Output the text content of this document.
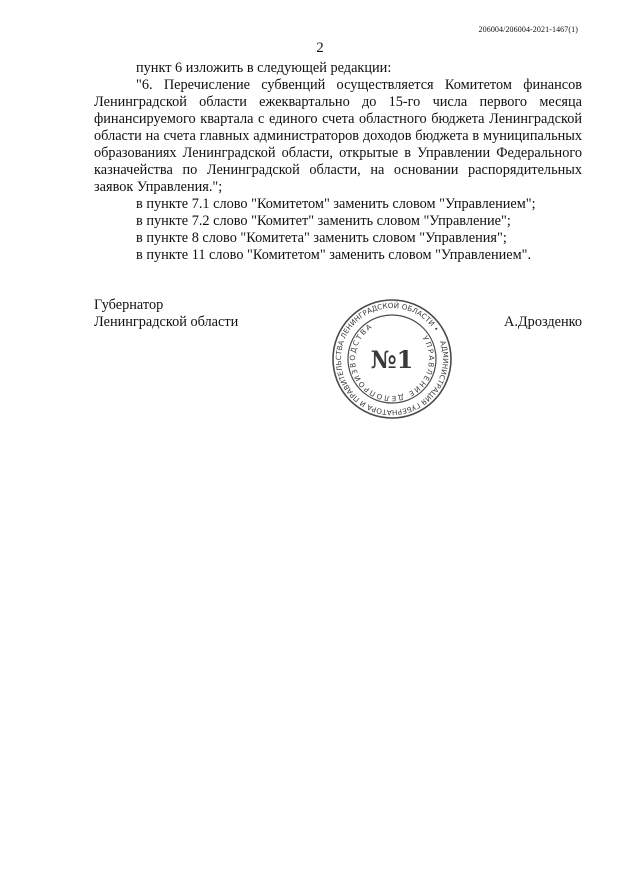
206004/206004-2021-1467(1)
2

пункт 6 изложить в следующей редакции:

"6. Перечисление субвенций осуществляется Комитетом финансов Ленинградской области ежеквартально до 15-го числа первого месяца финансируемого квартала с единого счета областного бюджета Ленинградской области на счета главных администраторов доходов бюджета в муниципальных образованиях Ленинградской области, открытые в Управлении Федерального казначейства по Ленинградской области, на основании распорядительных заявок Управления.";

в пункте 7.1 слово "Комитетом" заменить словом "Управлением";

в пункте 7.2 слово "Комитет" заменить словом "Управление";

в пункте 8 слово "Комитета" заменить словом "Управления";

в пункте 11 слово "Комитетом" заменить словом "Управлением".

Губернатор
Ленинградской области	А.Дрозденко
АДМИНИСТРАЦИЯ ГУБЕРНАТОРА И ПРАВИТЕЛЬСТВА ЛЕНИНГРАДСКОЙ ОБЛАСТИ •
УПРАВЛЕНИЕ ДЕЛОПРОИЗВОДСТВА
№1
